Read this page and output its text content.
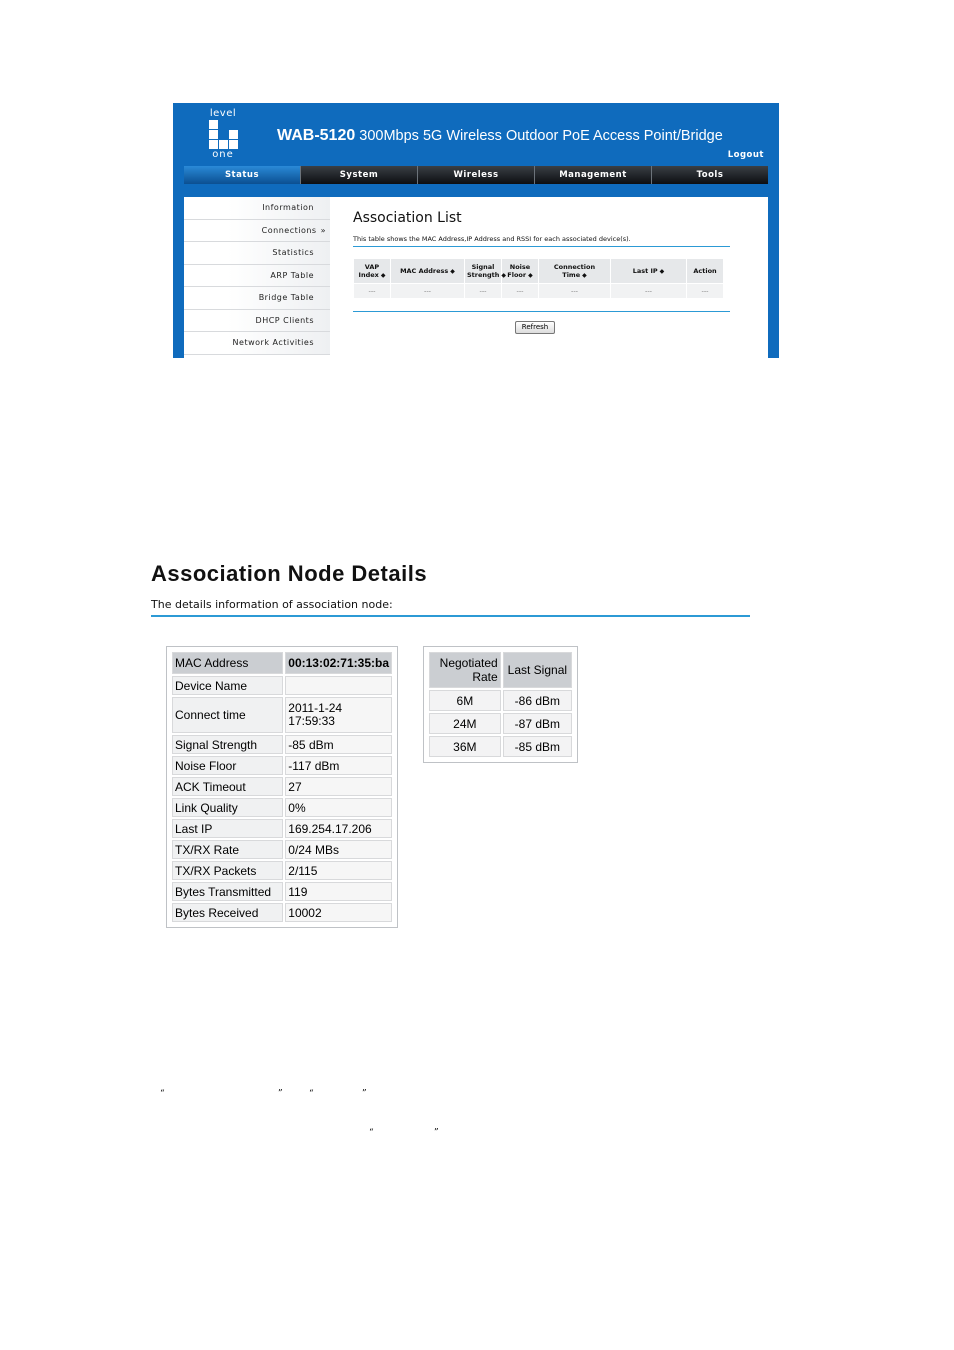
level
one
WAB-5120 300Mbps 5G Wireless Outdoor PoE Access Point/Bridge
Logout
Status	System	Wireless	Management	Tools
Information
Connections »
Statistics
ARP Table
Bridge Table
DHCP Clients
Network Activities
Association List
This table shows the MAC Address,IP Address and RSSI for each associated device(s).
VAP Index ◆	MAC Address ◆	Signal Strength ◆	Noise Floor ◆	Connection Time ◆	Last IP ◆	Action
---	---	---	---	---	---	---
Refresh
Association Node Details
The details information of association node:
MAC Address	00:13:02:71:35:ba
Device Name	
Connect time	2011-1-24 17:59:33
Signal Strength	-85 dBm
Noise Floor	-117 dBm
ACK Timeout	27
Link Quality	0%
Last IP	169.254.17.206
TX/RX Rate	0/24 MBs
TX/RX Packets	2/115
Bytes Transmitted	119
Bytes Received	10002
Negotiated Rate	Last Signal
6M	-86 dBm
24M	-87 dBm
36M	-85 dBm
“	”	“	”
“	”
